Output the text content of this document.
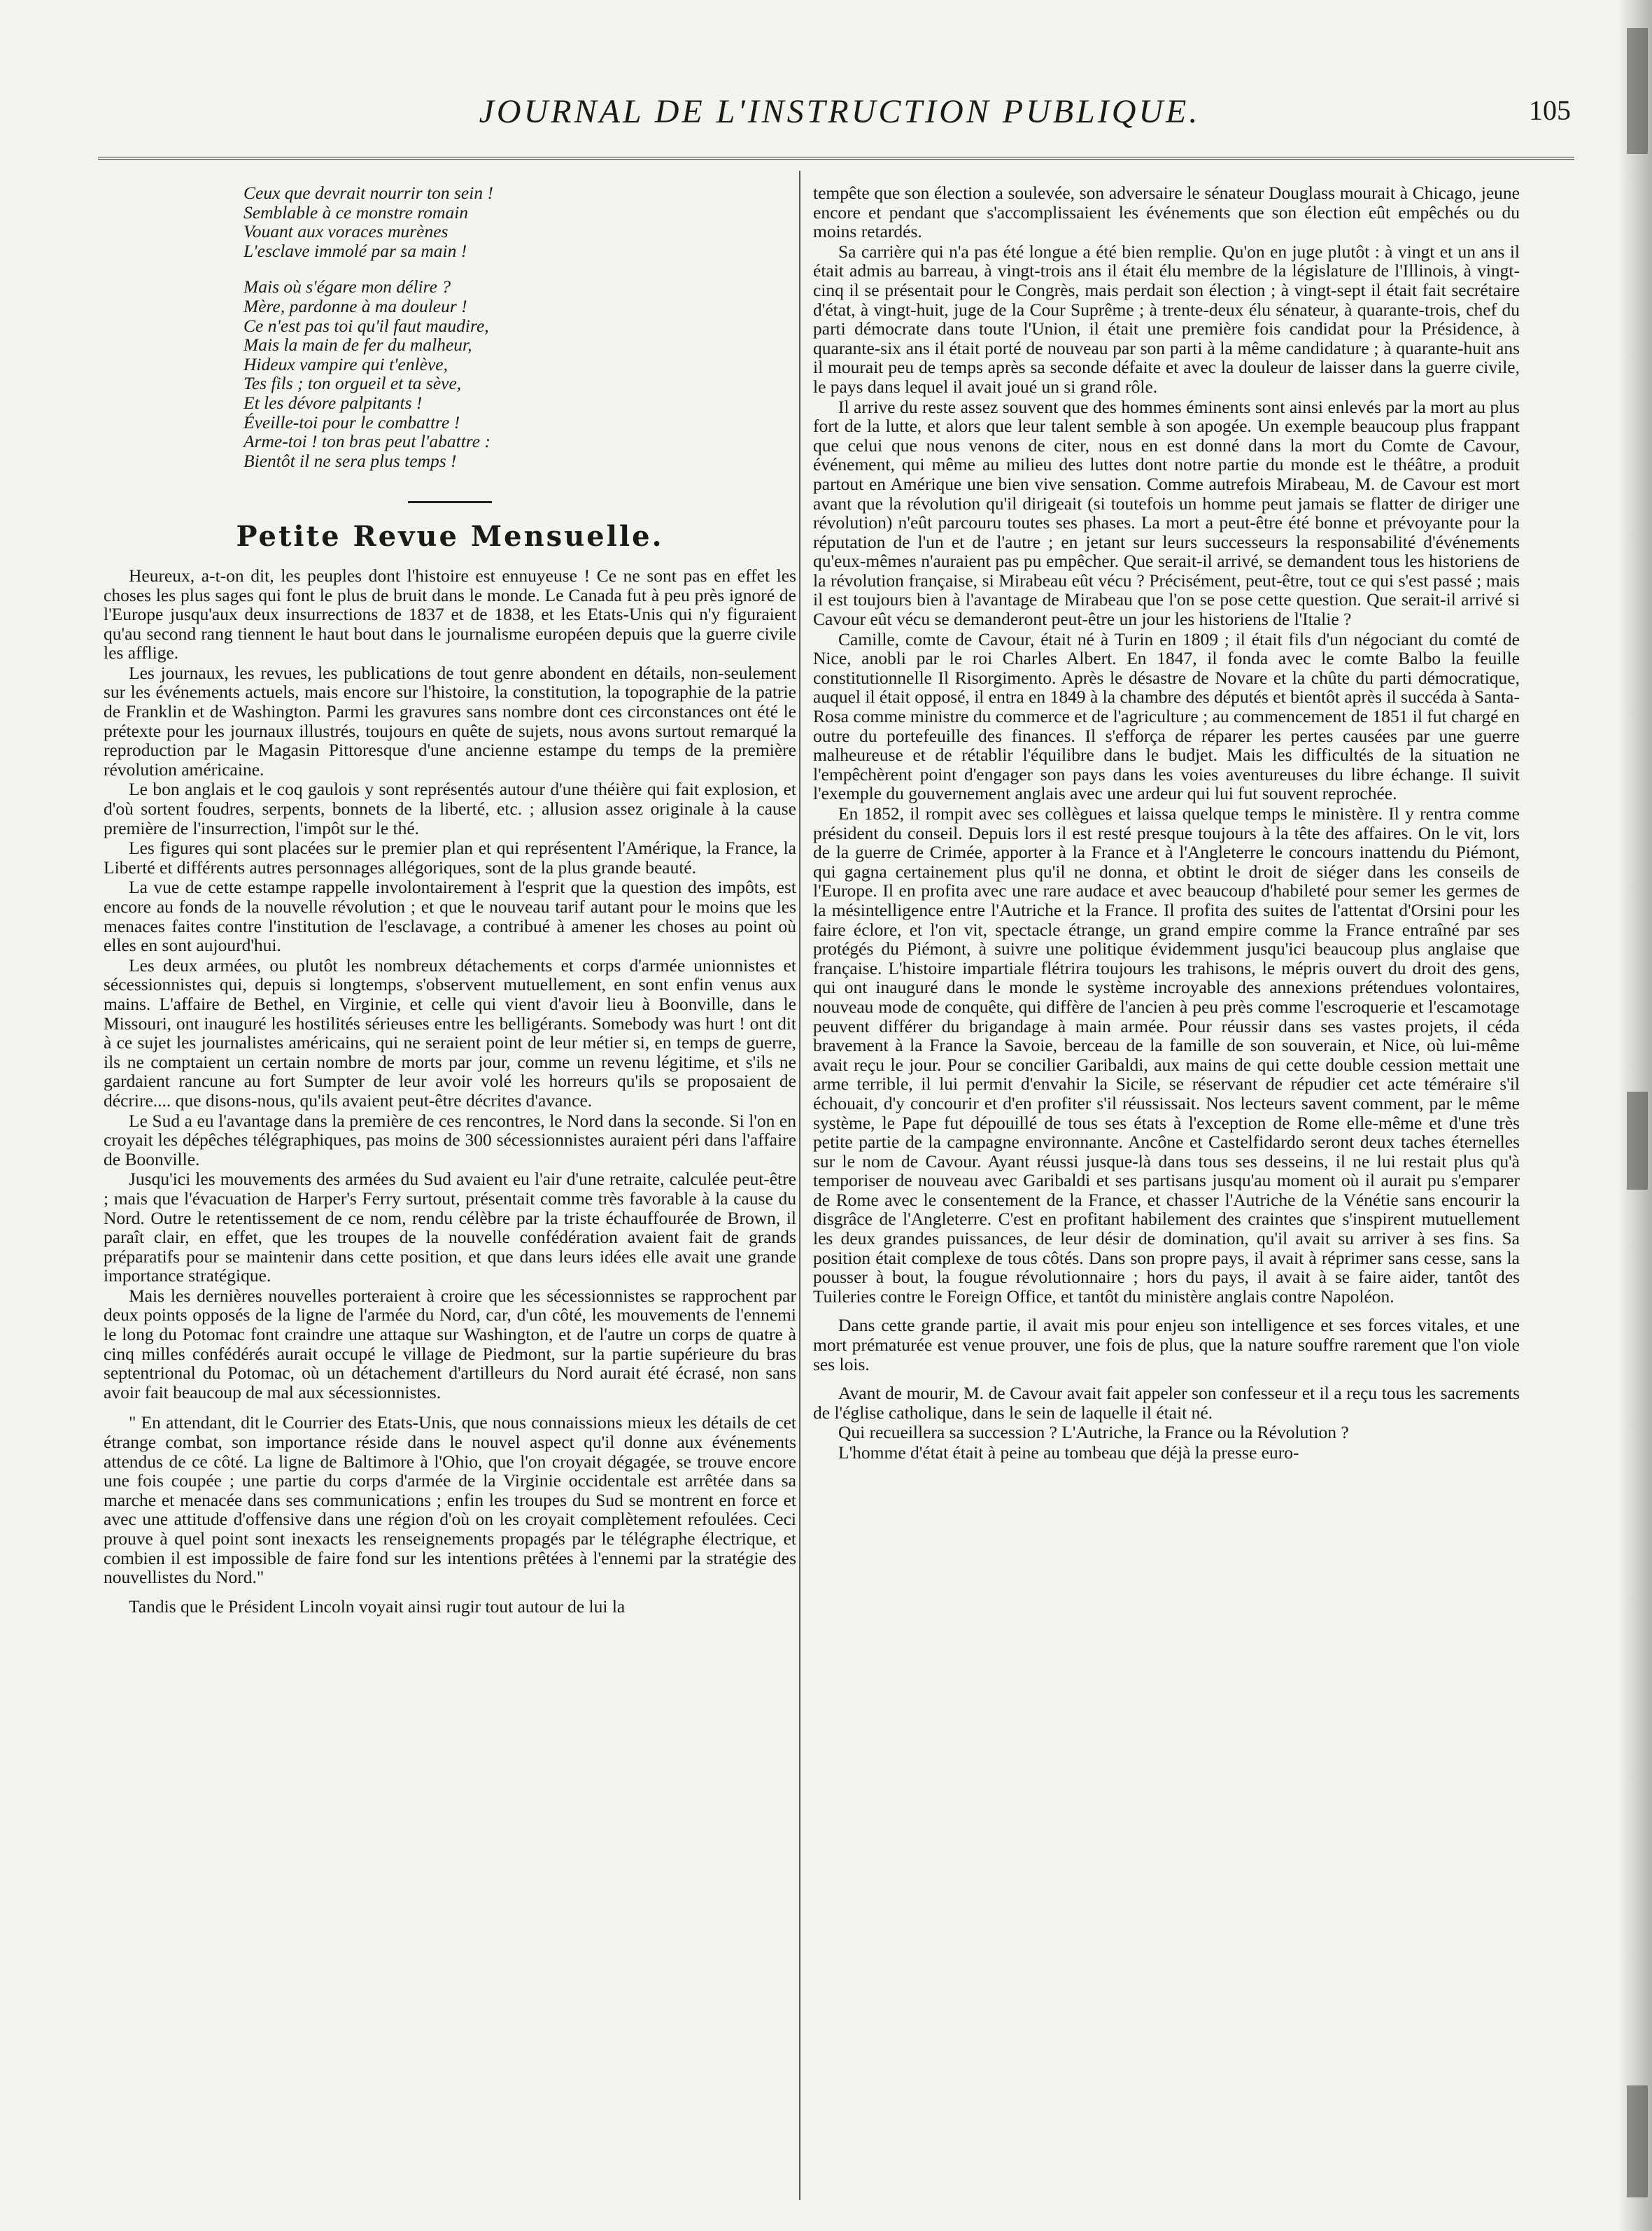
JOURNAL DE L'INSTRUCTION PUBLIQUE.	105
Ceux que devrait nourrir ton sein !
Semblable à ce monstre romain
Vouant aux voraces murènes
L'esclave immolé par sa main !
Mais où s'égare mon délire ?
Mère, pardonne à ma douleur !
Ce n'est pas toi qu'il faut maudire,
Mais la main de fer du malheur,
Hideux vampire qui t'enlève,
Tes fils ; ton orgueil et ta sève,
Et les dévore palpitants !
Éveille-toi pour le combattre !
Arme-toi ! ton bras peut l'abattre :
Bientôt il ne sera plus temps !
Petite Revue Mensuelle.

Heureux, a-t-on dit, les peuples dont l'histoire est ennuyeuse ! Ce ne sont pas en effet les choses les plus sages qui font le plus de bruit dans le monde. Le Canada fut à peu près ignoré de l'Europe jusqu'aux deux insurrections de 1837 et de 1838, et les Etats-Unis qui n'y figuraient qu'au second rang tiennent le haut bout dans le journalisme européen depuis que la guerre civile les afflige.

Les journaux, les revues, les publications de tout genre abondent en détails, non-seulement sur les événements actuels, mais encore sur l'histoire, la constitution, la topographie de la patrie de Franklin et de Washington. Parmi les gravures sans nombre dont ces circonstances ont été le prétexte pour les journaux illustrés, toujours en quête de sujets, nous avons surtout remarqué la reproduction par le Magasin Pittoresque d'une ancienne estampe du temps de la première révolution américaine.

Le bon anglais et le coq gaulois y sont représentés autour d'une théière qui fait explosion, et d'où sortent foudres, serpents, bonnets de la liberté, etc. ; allusion assez originale à la cause première de l'insurrection, l'impôt sur le thé.

Les figures qui sont placées sur le premier plan et qui représentent l'Amérique, la France, la Liberté et différents autres personnages allégoriques, sont de la plus grande beauté.

La vue de cette estampe rappelle involontairement à l'esprit que la question des impôts, est encore au fonds de la nouvelle révolution ; et que le nouveau tarif autant pour le moins que les menaces faites contre l'institution de l'esclavage, a contribué à amener les choses au point où elles en sont aujourd'hui.

Les deux armées, ou plutôt les nombreux détachements et corps d'armée unionnistes et sécessionnistes qui, depuis si longtemps, s'observent mutuellement, en sont enfin venus aux mains. L'affaire de Bethel, en Virginie, et celle qui vient d'avoir lieu à Boonville, dans le Missouri, ont inauguré les hostilités sérieuses entre les belligérants. Somebody was hurt ! ont dit à ce sujet les journalistes américains, qui ne seraient point de leur métier si, en temps de guerre, ils ne comptaient un certain nombre de morts par jour, comme un revenu légitime, et s'ils ne gardaient rancune au fort Sumpter de leur avoir volé les horreurs qu'ils se proposaient de décrire.... que disons-nous, qu'ils avaient peut-être décrites d'avance.

Le Sud a eu l'avantage dans la première de ces rencontres, le Nord dans la seconde. Si l'on en croyait les dépêches télégraphiques, pas moins de 300 sécessionnistes auraient péri dans l'affaire de Boonville.

Jusqu'ici les mouvements des armées du Sud avaient eu l'air d'une retraite, calculée peut-être ; mais que l'évacuation de Harper's Ferry surtout, présentait comme très favorable à la cause du Nord. Outre le retentissement de ce nom, rendu célèbre par la triste échauffourée de Brown, il paraît clair, en effet, que les troupes de la nouvelle confédération avaient fait de grands préparatifs pour se maintenir dans cette position, et que dans leurs idées elle avait une grande importance stratégique.

Mais les dernières nouvelles porteraient à croire que les sécessionnistes se rapprochent par deux points opposés de la ligne de l'armée du Nord, car, d'un côté, les mouvements de l'ennemi le long du Potomac font craindre une attaque sur Washington, et de l'autre un corps de quatre à cinq milles confédérés aurait occupé le village de Piedmont, sur la partie supérieure du bras septentrional du Potomac, où un détachement d'artilleurs du Nord aurait été écrasé, non sans avoir fait beaucoup de mal aux sécessionnistes.

" En attendant, dit le Courrier des Etats-Unis, que nous connaissions mieux les détails de cet étrange combat, son importance réside dans le nouvel aspect qu'il donne aux événements attendus de ce côté. La ligne de Baltimore à l'Ohio, que l'on croyait dégagée, se trouve encore une fois coupée ; une partie du corps d'armée de la Virginie occidentale est arrêtée dans sa marche et menacée dans ses communications ; enfin les troupes du Sud se montrent en force et avec une attitude d'offensive dans une région d'où on les croyait complètement refoulées. Ceci prouve à quel point sont inexacts les renseignements propagés par le télégraphe électrique, et combien il est impossible de faire fond sur les intentions prêtées à l'ennemi par la stratégie des nouvellistes du Nord."

Tandis que le Président Lincoln voyait ainsi rugir tout autour de lui la

tempête que son élection a soulevée, son adversaire le sénateur Douglass mourait à Chicago, jeune encore et pendant que s'accomplissaient les événements que son élection eût empêchés ou du moins retardés.

Sa carrière qui n'a pas été longue a été bien remplie. Qu'on en juge plutôt : à vingt et un ans il était admis au barreau, à vingt-trois ans il était élu membre de la législature de l'Illinois, à vingt-cinq il se présentait pour le Congrès, mais perdait son élection ; à vingt-sept il était fait secrétaire d'état, à vingt-huit, juge de la Cour Suprême ; à trente-deux élu sénateur, à quarante-trois, chef du parti démocrate dans toute l'Union, il était une première fois candidat pour la Présidence, à quarante-six ans il était porté de nouveau par son parti à la même candidature ; à quarante-huit ans il mourait peu de temps après sa seconde défaite et avec la douleur de laisser dans la guerre civile, le pays dans lequel il avait joué un si grand rôle.

Il arrive du reste assez souvent que des hommes éminents sont ainsi enlevés par la mort au plus fort de la lutte, et alors que leur talent semble à son apogée. Un exemple beaucoup plus frappant que celui que nous venons de citer, nous en est donné dans la mort du Comte de Cavour, événement, qui même au milieu des luttes dont notre partie du monde est le théâtre, a produit partout en Amérique une bien vive sensation. Comme autrefois Mirabeau, M. de Cavour est mort avant que la révolution qu'il dirigeait (si toutefois un homme peut jamais se flatter de diriger une révolution) n'eût parcouru toutes ses phases. La mort a peut-être été bonne et prévoyante pour la réputation de l'un et de l'autre ; en jetant sur leurs successeurs la responsabilité d'événements qu'eux-mêmes n'auraient pas pu empêcher. Que serait-il arrivé, se demandent tous les historiens de la révolution française, si Mirabeau eût vécu ? Précisément, peut-être, tout ce qui s'est passé ; mais il est toujours bien à l'avantage de Mirabeau que l'on se pose cette question. Que serait-il arrivé si Cavour eût vécu se demanderont peut-être un jour les historiens de l'Italie ?

Camille, comte de Cavour, était né à Turin en 1809 ; il était fils d'un négociant du comté de Nice, anobli par le roi Charles Albert. En 1847, il fonda avec le comte Balbo la feuille constitutionnelle Il Risorgimento. Après le désastre de Novare et la chûte du parti démocratique, auquel il était opposé, il entra en 1849 à la chambre des députés et bientôt après il succéda à Santa-Rosa comme ministre du commerce et de l'agriculture ; au commencement de 1851 il fut chargé en outre du portefeuille des finances. Il s'efforça de réparer les pertes causées par une guerre malheureuse et de rétablir l'équilibre dans le budjet. Mais les difficultés de la situation ne l'empêchèrent point d'engager son pays dans les voies aventureuses du libre échange. Il suivit l'exemple du gouvernement anglais avec une ardeur qui lui fut souvent reprochée.

En 1852, il rompit avec ses collègues et laissa quelque temps le ministère. Il y rentra comme président du conseil. Depuis lors il est resté presque toujours à la tête des affaires. On le vit, lors de la guerre de Crimée, apporter à la France et à l'Angleterre le concours inattendu du Piémont, qui gagna certainement plus qu'il ne donna, et obtint le droit de siéger dans les conseils de l'Europe. Il en profita avec une rare audace et avec beaucoup d'habileté pour semer les germes de la mésintelligence entre l'Autriche et la France. Il profita des suites de l'attentat d'Orsini pour les faire éclore, et l'on vit, spectacle étrange, un grand empire comme la France entraîné par ses protégés du Piémont, à suivre une politique évidemment jusqu'ici beaucoup plus anglaise que française. L'histoire impartiale flétrira toujours les trahisons, le mépris ouvert du droit des gens, qui ont inauguré dans le monde le système incroyable des annexions prétendues volontaires, nouveau mode de conquête, qui diffère de l'ancien à peu près comme l'escroquerie et l'escamotage peuvent différer du brigandage à main armée. Pour réussir dans ses vastes projets, il céda bravement à la France la Savoie, berceau de la famille de son souverain, et Nice, où lui-même avait reçu le jour. Pour se concilier Garibaldi, aux mains de qui cette double cession mettait une arme terrible, il lui permit d'envahir la Sicile, se réservant de répudier cet acte téméraire s'il échouait, d'y concourir et d'en profiter s'il réussissait. Nos lecteurs savent comment, par le même système, le Pape fut dépouillé de tous ses états à l'exception de Rome elle-même et d'une très petite partie de la campagne environnante. Ancône et Castelfidardo seront deux taches éternelles sur le nom de Cavour. Ayant réussi jusque-là dans tous ses desseins, il ne lui restait plus qu'à temporiser de nouveau avec Garibaldi et ses partisans jusqu'au moment où il aurait pu s'emparer de Rome avec le consentement de la France, et chasser l'Autriche de la Vénétie sans encourir la disgrâce de l'Angleterre. C'est en profitant habilement des craintes que s'inspirent mutuellement les deux grandes puissances, de leur désir de domination, qu'il avait su arriver à ses fins. Sa position était complexe de tous côtés. Dans son propre pays, il avait à réprimer sans cesse, sans la pousser à bout, la fougue révolutionnaire ; hors du pays, il avait à se faire aider, tantôt des Tuileries contre le Foreign Office, et tantôt du ministère anglais contre Napoléon.

Dans cette grande partie, il avait mis pour enjeu son intelligence et ses forces vitales, et une mort prématurée est venue prouver, une fois de plus, que la nature souffre rarement que l'on viole ses lois.

Avant de mourir, M. de Cavour avait fait appeler son confesseur et il a reçu tous les sacrements de l'église catholique, dans le sein de laquelle il était né.

Qui recueillera sa succession ? L'Autriche, la France ou la Révolution ?

L'homme d'état était à peine au tombeau que déjà la presse euro-
